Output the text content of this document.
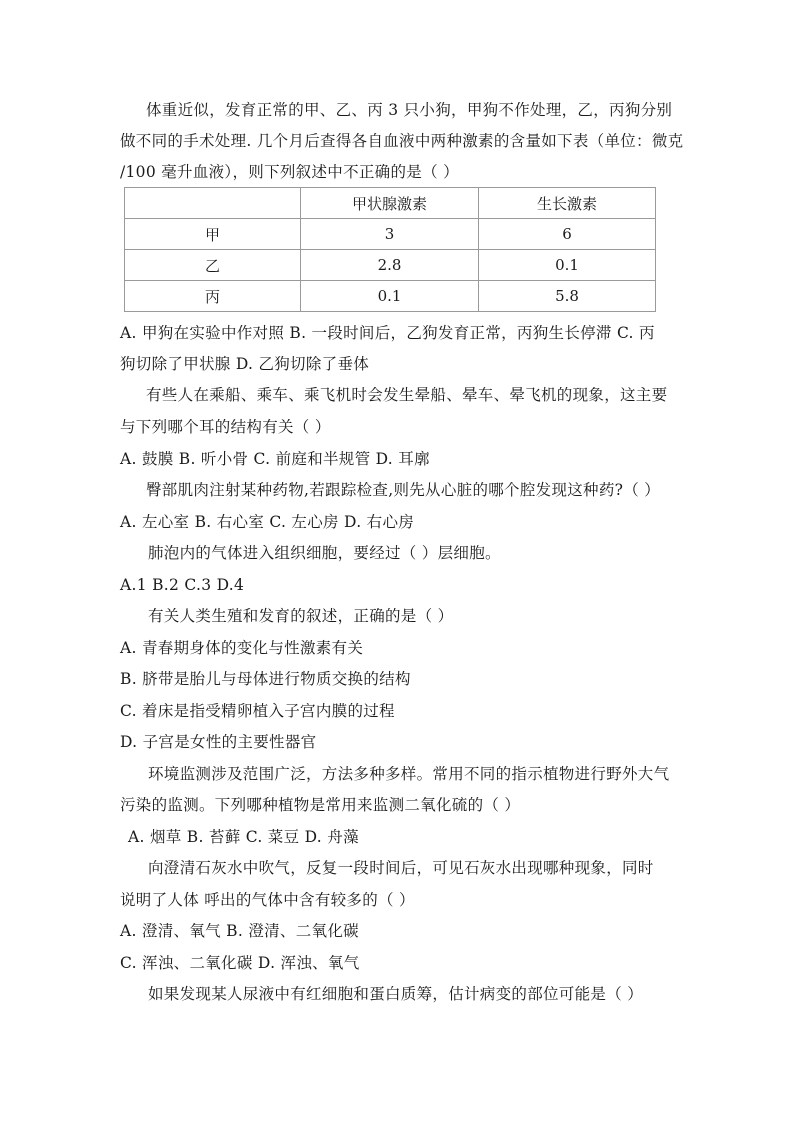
体重近似，发育正常的甲、乙、丙 3 只小狗，甲狗不作处理，乙，丙狗分别
做不同的手术处理. 几个月后查得各自血液中两种激素的含量如下表（单位：微克
/100 毫升血液），则下列叙述中不正确的是（ ）
	甲状腺激素	生长激素
甲	3	6
乙	2.8	0.1
丙	0.1	5.8
A. 甲狗在实验中作对照 B. 一段时间后，乙狗发育正常，丙狗生长停滞 C. 丙
狗切除了甲状腺 D. 乙狗切除了垂体
有些人在乘船、乘车、乘飞机时会发生晕船、晕车、晕飞机的现象，这主要
与下列哪个耳的结构有关（ ）
A. 鼓膜 B. 听小骨 C. 前庭和半规管 D. 耳廓
臀部肌肉注射某种药物,若跟踪检查,则先从心脏的哪个腔发现这种药?（ ）
A. 左心室 B. 右心室 C. 左心房 D. 右心房
肺泡内的气体进入组织细胞，要经过（ ）层细胞。
A.1 B.2 C.3 D.4
有关人类生殖和发育的叙述，正确的是（ ）
A. 青春期身体的变化与性激素有关
B. 脐带是胎儿与母体进行物质交换的结构
C. 着床是指受精卵植入子宫内膜的过程
D. 子宫是女性的主要性器官
环境监测涉及范围广泛，方法多种多样。常用不同的指示植物进行野外大气
污染的监测。下列哪种植物是常用来监测二氧化硫的（ ）
A. 烟草 B. 苔藓 C. 菜豆 D. 舟藻
向澄清石灰水中吹气，反复一段时间后，可见石灰水出现哪种现象，同时
说明了人体 呼出的气体中含有较多的（ ）
A. 澄清、氧气 B. 澄清、二氧化碳
C. 浑浊、二氧化碳 D. 浑浊、氧气
如果发现某人尿液中有红细胞和蛋白质筹，估计病变的部位可能是（ ）
